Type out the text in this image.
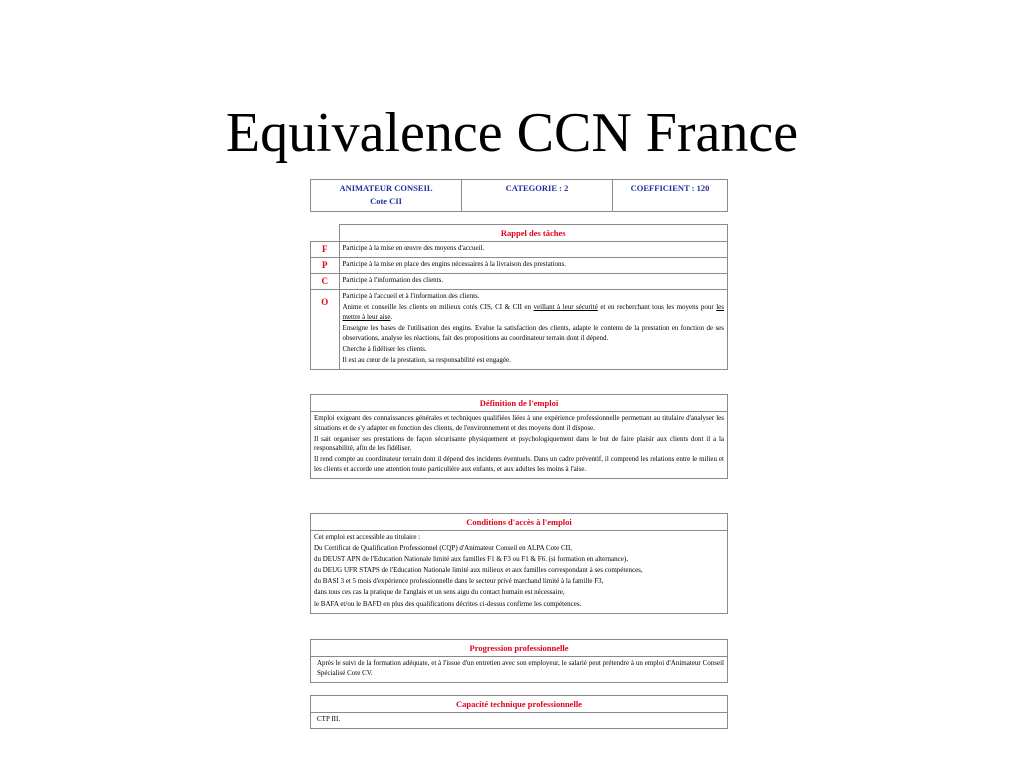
Equivalence CCN France
ANIMATEUR CONSEIL
Cote CII
	CATEGORIE : 2	COEFFICIENT : 120
	Rappel des tâches
F	Participe à la mise en œuvre des moyens d'accueil.

P	Participe à la mise en place des engins nécessaires à la livraison des prestations.

C	Participe à l'information des clients.

O	Participe à l'accueil et à l'information des clients.

Anime et conseille les clients en milieux cotés CIS, CI & CII en veillant à leur sécurité et en recherchant tous les moyens pour les mettre à leur aise.

Enseigne les bases de l'utilisation des engins. Evalue la satisfaction des clients, adapte le contenu de la prestation en fonction de ses observations, analyse les réactions, fait des propositions au coordinateur terrain dont il dépend.

Cherche à fidéliser les clients.

Il est au cœur de la prestation, sa responsabilité est engagée.

Définition de l'emploi

Emploi exigeant des connaissances générales et techniques qualifiées liées à une expérience professionnelle permettant au titulaire d'analyser les situations et de s'y adapter en fonction des clients, de l'environnement et des moyens dont il dispose.

Il sait organiser ses prestations de façon sécurisante physiquement et psychologiquement dans le but de faire plaisir aux clients dont il a la responsabilité, afin de les fidéliser.

Il rend compte au coordinateur terrain dont il dépend des incidents éventuels. Dans un cadre préventif, il comprend les relations entre le milieu et les clients et accorde une attention toute particulière aux enfants, et aux adultes les moins à l'aise.

Conditions d'accès à l'emploi

Cet emploi est accessible au titulaire :

Du Certificat de Qualification Professionnel (CQP) d'Animateur Conseil en ALPA Cote CII,

du DEUST APN de l'Education Nationale limité aux familles F1 & F3 ou F1 & F6. (si formation en alternance),

du DEUG UFR STAPS de l'Education Nationale limité aux milieux et aux familles correspondant à ses compétences,

du BASI 3 et 5 mois d'expérience professionnelle dans le secteur privé marchand limité à la famille F3,

dans tous ces cas la pratique de l'anglais et un sens aigu du contact humain est nécessaire,

le BAFA et/ou le BAFD en plus des qualifications décrites ci-dessus confirme les compétences.

Progression professionnelle

Après le suivi de la formation adéquate, et à l'issue d'un entretien avec son employeur, le salarié peut prétendre à un emploi d'Animateur Conseil Spécialisé Cote CV.

Capacité technique professionnelle

CTP III.
